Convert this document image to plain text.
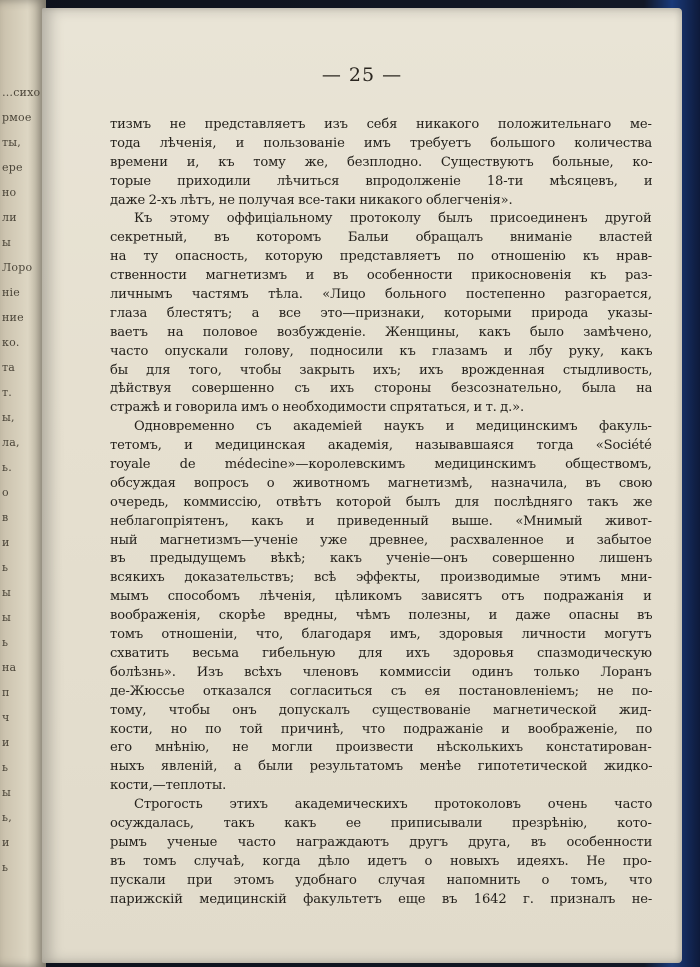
…сихо
рмое
ты,
ере
но
ли
ы
Лоро
ніе
ние
ко.
та
т.
ы,
ла,
ь.
о
в
и
ь
ы
ы
ь
на
п
ч
и
ь
ы
ь,
и
ь
— 25 —
тизмъ не представляетъ изъ себя никакого положительнаго ме-
тода лѣченія, и пользованіе имъ требуетъ большого количества
времени и, къ тому же, безплодно. Существуютъ больные, ко-
торые приходили лѣчиться впродолженіе 18-ти мѣсяцевъ, и
даже 2-хъ лѣтъ, не получая все-таки никакого облегченія».
Къ этому оффиціальному протоколу былъ присоединенъ другой
секретный, въ которомъ Бальи обращалъ вниманіе властей
на ту опасность, которую представляетъ по отношенію къ нрав-
ственности магнетизмъ и въ особенности прикосновенія къ раз-
личнымъ частямъ тѣла. «Лицо больного постепенно разгорается,
глаза блестятъ; а все это—признаки, которыми природа указы-
ваетъ на половое возбужденіе. Женщины, какъ было замѣчено,
часто опускали голову, подносили къ глазамъ и лбу руку, какъ
бы для того, чтобы закрыть ихъ; ихъ врожденная стыдливость,
дѣйствуя совершенно съ ихъ стороны безсознательно, была на
стражѣ и говорила имъ о необходимости спрятаться, и т. д.».
Одновременно съ академіей наукъ и медицинскимъ факуль-
тетомъ, и медицинская академія, называвшаяся тогда «Société
royale de médecine»—королевскимъ медицинскимъ обществомъ,
обсуждая вопросъ о животномъ магнетизмѣ, назначила, въ свою
очередь, коммиссію, отвѣтъ которой былъ для послѣдняго такъ же
неблагопріятенъ, какъ и приведенный выше. «Мнимый живот-
ный магнетизмъ—ученіе уже древнее, расхваленное и забытое
въ предыдущемъ вѣкѣ; какъ ученіе—онъ совершенно лишенъ
всякихъ доказательствъ; всѣ эффекты, производимые этимъ мни-
мымъ способомъ лѣченія, цѣликомъ зависятъ отъ подражанія и
воображенія, скорѣе вредны, чѣмъ полезны, и даже опасны въ
томъ отношеніи, что, благодаря имъ, здоровыя личности могутъ
схватить весьма гибельную для ихъ здоровья спазмодическую
болѣзнь». Изъ всѣхъ членовъ коммиссіи одинъ только Лоранъ
де-Жюссье отказался согласиться съ ея постановленіемъ; не по-
тому, чтобы онъ допускалъ существованіе магнетической жид-
кости, но по той причинѣ, что подражаніе и воображеніе, по
его мнѣнію, не могли произвести нѣсколькихъ констатирован-
ныхъ явленій, а были результатомъ менѣе гипотетической жидко-
кости,—теплоты.
Строгость этихъ академическихъ протоколовъ очень часто
осуждалась, такъ какъ ее приписывали презрѣнію, кото-
рымъ ученые часто награждаютъ другъ друга, въ особенности
въ томъ случаѣ, когда дѣло идетъ о новыхъ идеяхъ. Не про-
пускали при этомъ удобнаго случая напомнить о томъ, что
парижскій медицинскій факультетъ еще въ 1642 г. призналъ не-
